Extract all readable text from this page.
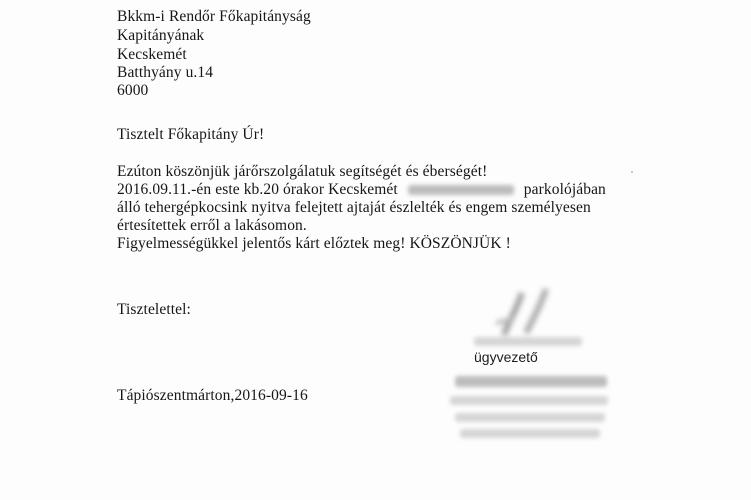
Bkkm-i Rendőr Főkapitányság
Kapitányának
Kecskemét
Batthyány u.14
6000
Tisztelt Főkapitány Úr!
Ezúton köszönjük járőrszolgálatuk segítségét és éberségét!
2016.09.11.-én este kb.20 órakor Kecskemét	parkolójában
álló tehergépkocsink nyitva felejtett ajtaját észlelték és engem személyesen
értesítettek erről a lakásomon.
Figyelmességükkel jelentős kárt előztek meg! KÖSZÖNJÜK !
Tisztelettel:
ügyvezető
Tápiószentmárton,2016-09-16
